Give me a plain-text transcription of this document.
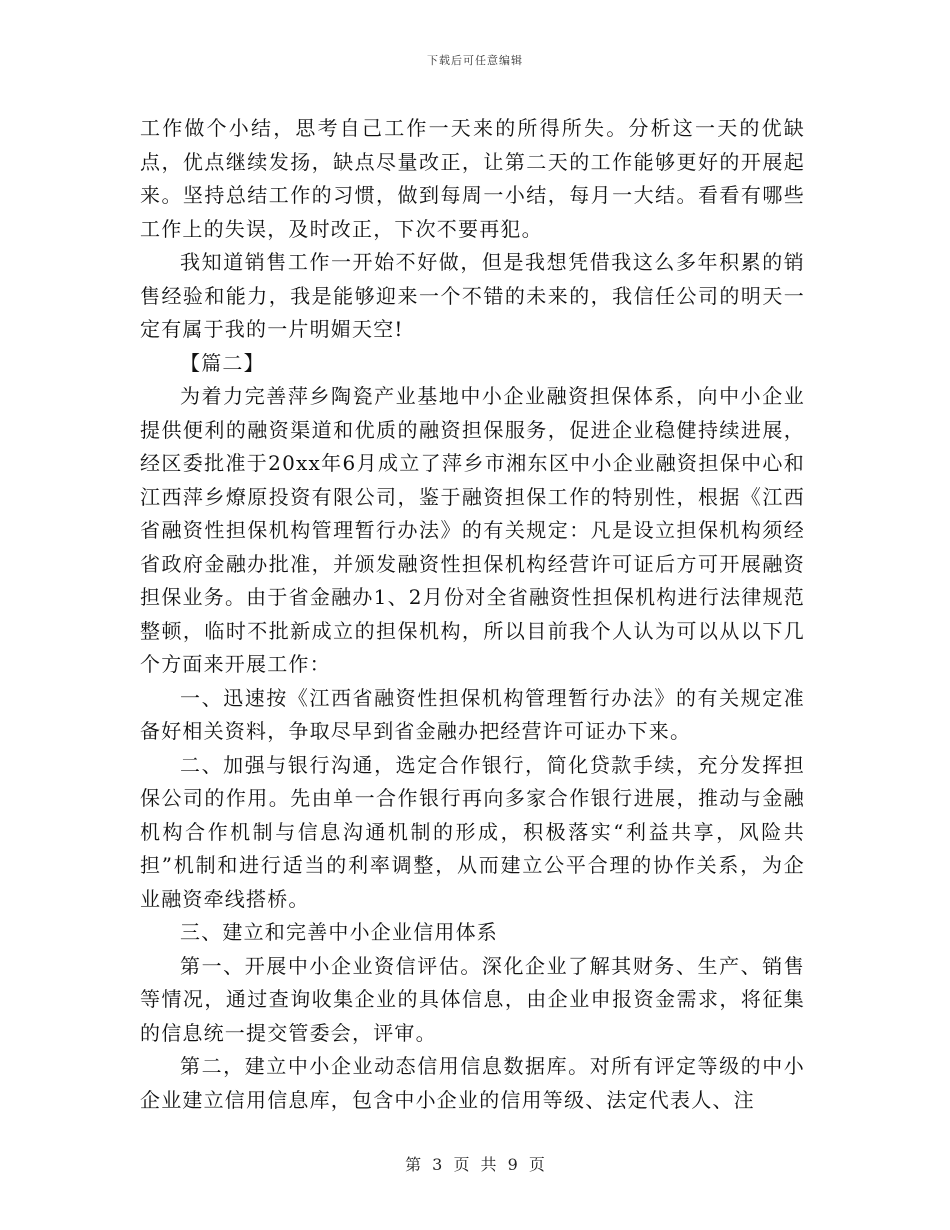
下载后可任意编辑

工作做个小结，思考自己工作一天来的所得所失。分析这一天的优缺点，优点继续发扬，缺点尽量改正，让第二天的工作能够更好的开展起来。坚持总结工作的习惯，做到每周一小结，每月一大结。看看有哪些工作上的失误，及时改正，下次不要再犯。

我知道销售工作一开始不好做，但是我想凭借我这么多年积累的销售经验和能力，我是能够迎来一个不错的未来的，我信任公司的明天一定有属于我的一片明媚天空!

【篇二】

为着力完善萍乡陶瓷产业基地中小企业融资担保体系，向中小企业提供便利的融资渠道和优质的融资担保服务，促进企业稳健持续进展，经区委批准于20xx年6月成立了萍乡市湘东区中小企业融资担保中心和江西萍乡燎原投资有限公司，鉴于融资担保工作的特别性，根据《江西省融资性担保机构管理暂行办法》的有关规定：凡是设立担保机构须经省政府金融办批准，并颁发融资性担保机构经营许可证后方可开展融资担保业务。由于省金融办1、2月份对全省融资性担保机构进行法律规范整顿，临时不批新成立的担保机构，所以目前我个人认为可以从以下几个方面来开展工作：

一、迅速按《江西省融资性担保机构管理暂行办法》的有关规定准备好相关资料，争取尽早到省金融办把经营许可证办下来。

二、加强与银行沟通，选定合作银行，简化贷款手续，充分发挥担保公司的作用。先由单一合作银行再向多家合作银行进展，推动与金融机构合作机制与信息沟通机制的形成，积极落实“利益共享，风险共担”机制和进行适当的利率调整，从而建立公平合理的协作关系，为企业融资牵线搭桥。

三、建立和完善中小企业信用体系

第一、开展中小企业资信评估。深化企业了解其财务、生产、销售等情况，通过查询收集企业的具体信息，由企业申报资金需求，将征集的信息统一提交管委会，评审。

第二，建立中小企业动态信用信息数据库。对所有评定等级的中小企业建立信用信息库，包含中小企业的信用等级、法定代表人、注

第 3 页 共 9 页
